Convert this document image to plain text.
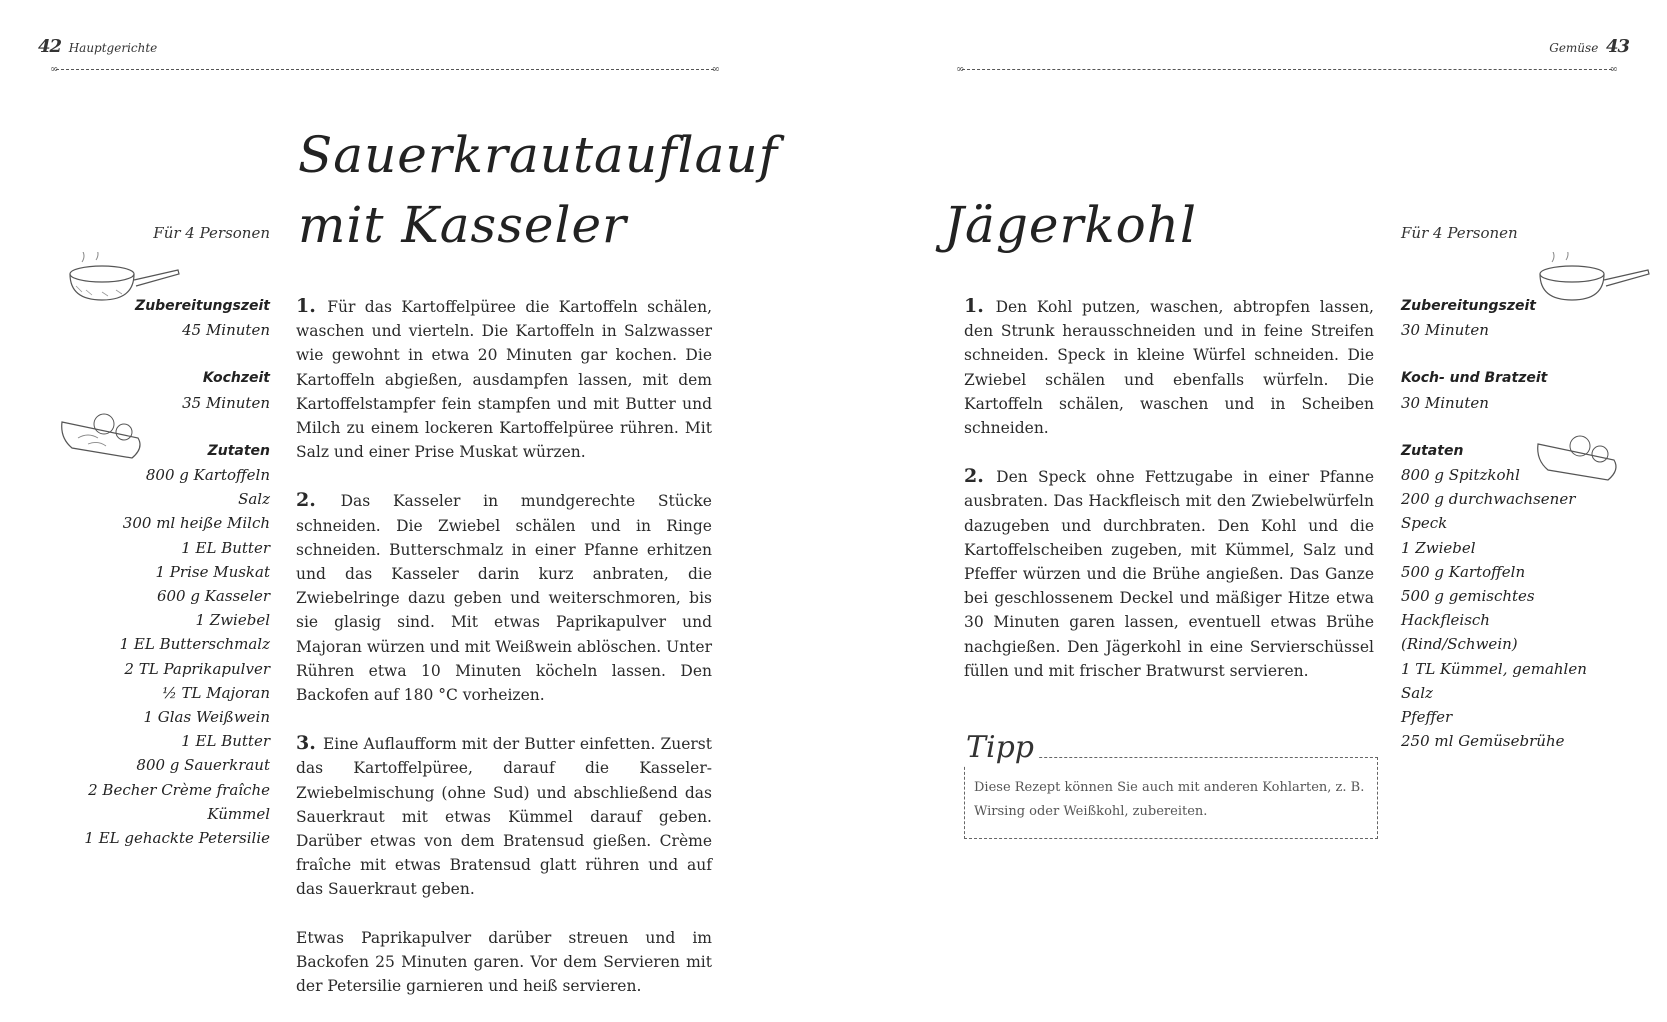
42 Hauptgerichte
∞	∞
Sauerkrautauflauf
mit Kasseler
Für 4 Personen
Zubereitungszeit
45 Minuten
Kochzeit
35 Minuten
Zutaten
800 g Kartoffeln
Salz
300 ml heiße Milch
1 EL Butter
1 Prise Muskat
600 g Kasseler
1 Zwiebel
1 EL Butterschmalz
2 TL Paprikapulver
½ TL Majoran
1 Glas Weißwein
1 EL Butter
800 g Sauerkraut
2 Becher Crème fraîche
Kümmel
1 EL gehackte Petersilie

1. Für das Kartoffelpüree die Kartoffeln schälen, waschen und vierteln. Die Kartoffeln in Salzwasser wie gewohnt in etwa 20 Minuten gar kochen. Die Kartoffeln abgießen, ausdampfen lassen, mit dem Kartoffelstampfer fein stampfen und mit Butter und Milch zu einem lockeren Kartoffelpüree rühren. Mit Salz und einer Prise Muskat würzen.

2. Das Kasseler in mundgerechte Stücke schneiden. Die Zwiebel schälen und in Ringe schneiden. Butterschmalz in einer Pfanne erhitzen und das Kasseler darin kurz anbraten, die Zwiebelringe dazu geben und weiterschmoren, bis sie glasig sind. Mit etwas Paprikapulver und Majoran würzen und mit Weißwein ablöschen. Unter Rühren etwa 10 Minuten köcheln lassen. Den Backofen auf 180 °C vorheizen.

3. Eine Auflaufform mit der Butter einfetten. Zuerst das Kartoffelpüree, darauf die Kasseler-Zwiebelmischung (ohne Sud) und abschließend das Sauerkraut mit etwas Kümmel darauf geben. Darüber etwas von dem Bratensud gießen. Crème fraîche mit etwas Bratensud glatt rühren und auf das Sauerkraut geben.

Etwas Paprikapulver darüber streuen und im Backofen 25 Minuten garen. Vor dem Servieren mit der Petersilie garnieren und heiß servieren.

Gemüse 43
∞	∞
Jägerkohl	Für 4 Personen

1. Den Kohl putzen, waschen, abtropfen lassen, den Strunk herausschneiden und in feine Streifen schneiden. Speck in kleine Würfel schneiden. Die Zwiebel schälen und ebenfalls würfeln. Die Kartoffeln schälen, waschen und in Scheiben schneiden.

2. Den Speck ohne Fettzugabe in einer Pfanne ausbraten. Das Hackfleisch mit den Zwiebelwürfeln dazugeben und durchbraten. Den Kohl und die Kartoffelscheiben zugeben, mit Kümmel, Salz und Pfeffer würzen und die Brühe angießen. Das Ganze bei geschlossenem Deckel und mäßiger Hitze etwa 30 Minuten garen lassen, eventuell etwas Brühe nachgießen. Den Jägerkohl in eine Servierschüssel füllen und mit frischer Bratwurst servieren.

Tipp
Diese Rezept können Sie auch mit anderen Kohlarten, z. B. Wirsing oder Weißkohl, zubereiten.
Zubereitungszeit
30 Minuten
Koch- und Bratzeit
30 Minuten
Zutaten
800 g Spitzkohl
200 g durchwachsener Speck
1 Zwiebel
500 g Kartoffeln
500 g gemischtes Hackfleisch (Rind/Schwein)
1 TL Kümmel, gemahlen
Salz
Pfeffer
250 ml Gemüsebrühe
